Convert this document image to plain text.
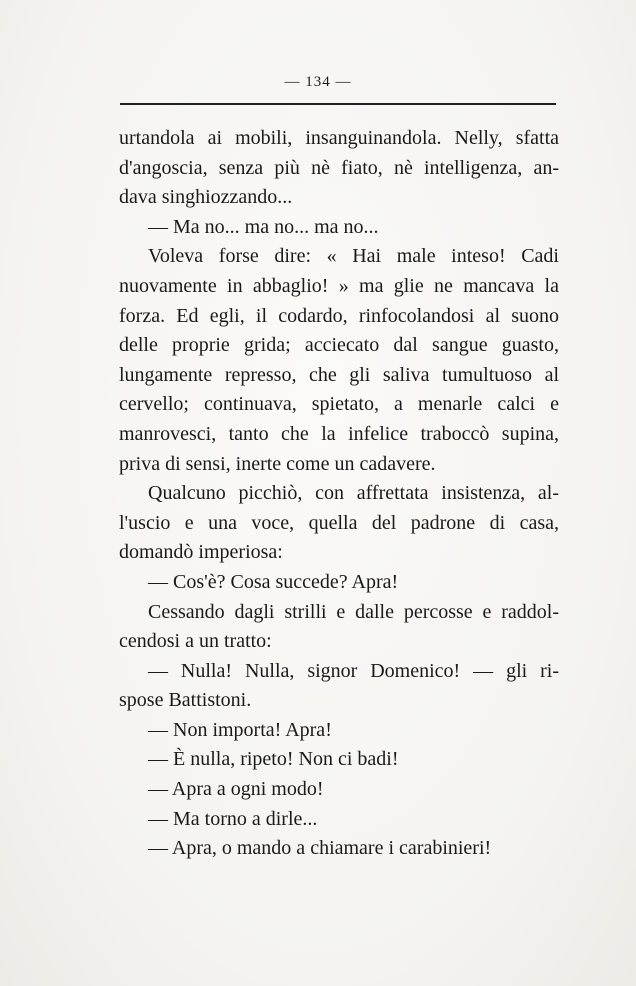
— 134 —
urtandola ai mobili, insanguinandola. Nelly, sfatta
d'angoscia, senza più nè fiato, nè intelligenza, an-
dava singhiozzando...
— Ma no... ma no... ma no...
Voleva forse dire: « Hai male inteso! Cadi
nuovamente in abbaglio! » ma glie ne mancava la
forza. Ed egli, il codardo, rinfocolandosi al suono
delle proprie grida; acciecato dal sangue guasto,
lungamente represso, che gli saliva tumultuoso al
cervello; continuava, spietato, a menarle calci e
manrovesci, tanto che la infelice traboccò supina,
priva di sensi, inerte come un cadavere.
Qualcuno picchiò, con affrettata insistenza, al-
l'uscio e una voce, quella del padrone di casa,
domandò imperiosa:
— Cos'è? Cosa succede? Apra!
Cessando dagli strilli e dalle percosse e raddol-
cendosi a un tratto:
— Nulla! Nulla, signor Domenico! — gli ri-
spose Battistoni.
— Non importa! Apra!
— È nulla, ripeto! Non ci badi!
— Apra a ogni modo!
— Ma torno a dirle...
— Apra, o mando a chiamare i carabinieri!
